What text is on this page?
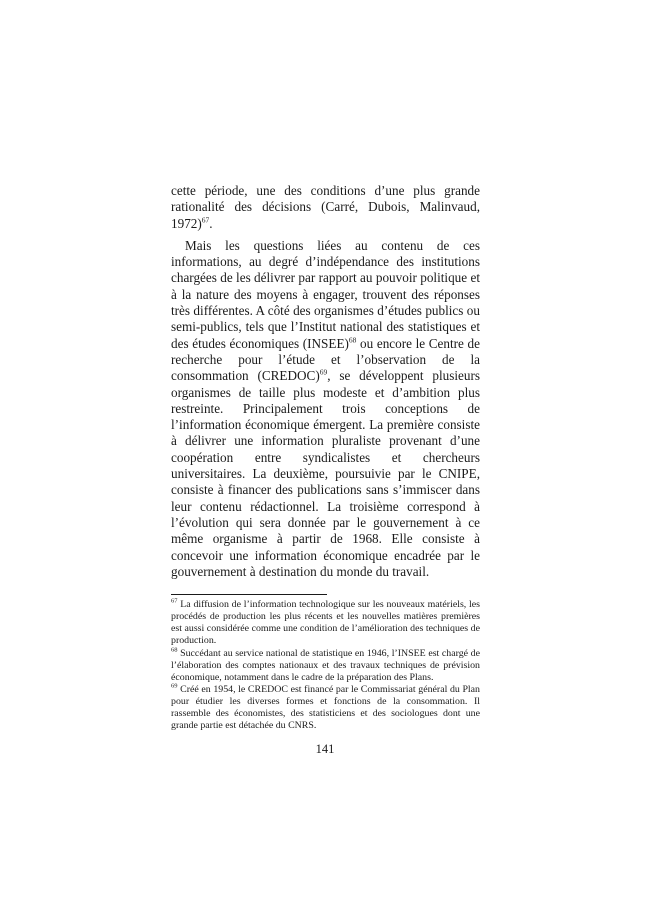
cette période, une des conditions d’une plus grande rationalité des décisions (Carré, Dubois, Malinvaud, 1972)$^{67}$.

Mais les questions liées au contenu de ces informations, au degré d’indépendance des institutions chargées de les délivrer par rapport au pouvoir politique et à la nature des moyens à engager, trouvent des réponses très différentes. A côté des organismes d’études publics ou semi-publics, tels que l’Institut national des statistiques et des études économiques (INSEE)$^{68}$ ou encore le Centre de recherche pour l’étude et l’observation de la consommation (CREDOC)$^{69}$, se développent plusieurs organismes de taille plus modeste et d’ambition plus restreinte. Principalement trois conceptions de l’information économique émergent. La première consiste à délivrer une information pluraliste provenant d’une coopération entre syndicalistes et chercheurs universitaires. La deuxième, poursuivie par le CNIPE, consiste à financer des publications sans s’immiscer dans leur contenu rédactionnel. La troisième correspond à l’évolution qui sera donnée par le gouvernement à ce même organisme à partir de 1968. Elle consiste à concevoir une information économique encadrée par le gouvernement à destination du monde du travail.

$^{67}$ La diffusion de l’information technologique sur les nouveaux matériels, les procédés de production les plus récents et les nouvelles matières premières est aussi considérée comme une condition de l’amélioration des techniques de production.

$^{68}$ Succédant au service national de statistique en 1946, l’INSEE est chargé de l’élaboration des comptes nationaux et des travaux techniques de prévision économique, notamment dans le cadre de la préparation des Plans.

$^{69}$ Créé en 1954, le CREDOC est financé par le Commissariat général du Plan pour étudier les diverses formes et fonctions de la consommation. Il rassemble des économistes, des statisticiens et des sociologues dont une grande partie est détachée du CNRS.

141
